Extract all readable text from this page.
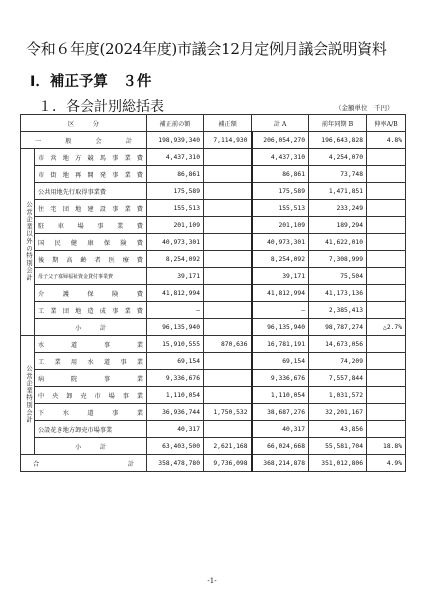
令和６年度(2024年度)市議会12月定例月議会説明資料
Ⅰ．補正予算　３件
１．各会計別総括表	（金額単位　千円）
区　　　分		補正前の額	補正額	計 A	前年同期 B	伸率A/B
一　　般　　会　　計		198,939,340	7,114,930	206,054,270	196,643,828	4.8%
公営企業以外の特別会計	市営地方競馬事業費	4,437,310		4,437,310	4,254,070	
	市街地再開発事業費	86,861		86,861	73,748	
	公共用地先行取得事業費	175,589		175,589	1,471,851	
	住宅団地建設事業費	155,513		155,513	233,249	
	駐車場事業費	201,109		201,109	189,294	
	国民健康保険費	40,973,301		40,973,301	41,622,010	
	後期高齢者医療費	8,254,092		8,254,092	7,308,999	
	母子父子寡婦福祉資金貸付事業費	39,171		39,171	75,504	
	介護保険費	41,812,994		41,812,994	41,173,136	
	工業団地造成事業費	—		—	2,385,413	
	小　　　計	96,135,940		96,135,940	98,787,274	△2.7%
公営企業特別会計	水道事業	15,910,555	870,636	16,781,191	14,673,056	
	工業用水道事業	69,154		69,154	74,209	
	病院事業	9,336,676		9,336,676	7,557,844	
	中央卸売市場事業	1,110,054		1,110,054	1,031,572	
	下水道事業	36,936,744	1,750,532	38,687,276	32,201,167	
	公設花き地方卸売市場事業	40,317		40,317	43,856	
	小　　　計	63,403,500	2,621,168	66,024,668	55,581,704	18.8%
合　　　　　　計		358,478,780	9,736,098	368,214,878	351,012,806	4.9%
-1-
